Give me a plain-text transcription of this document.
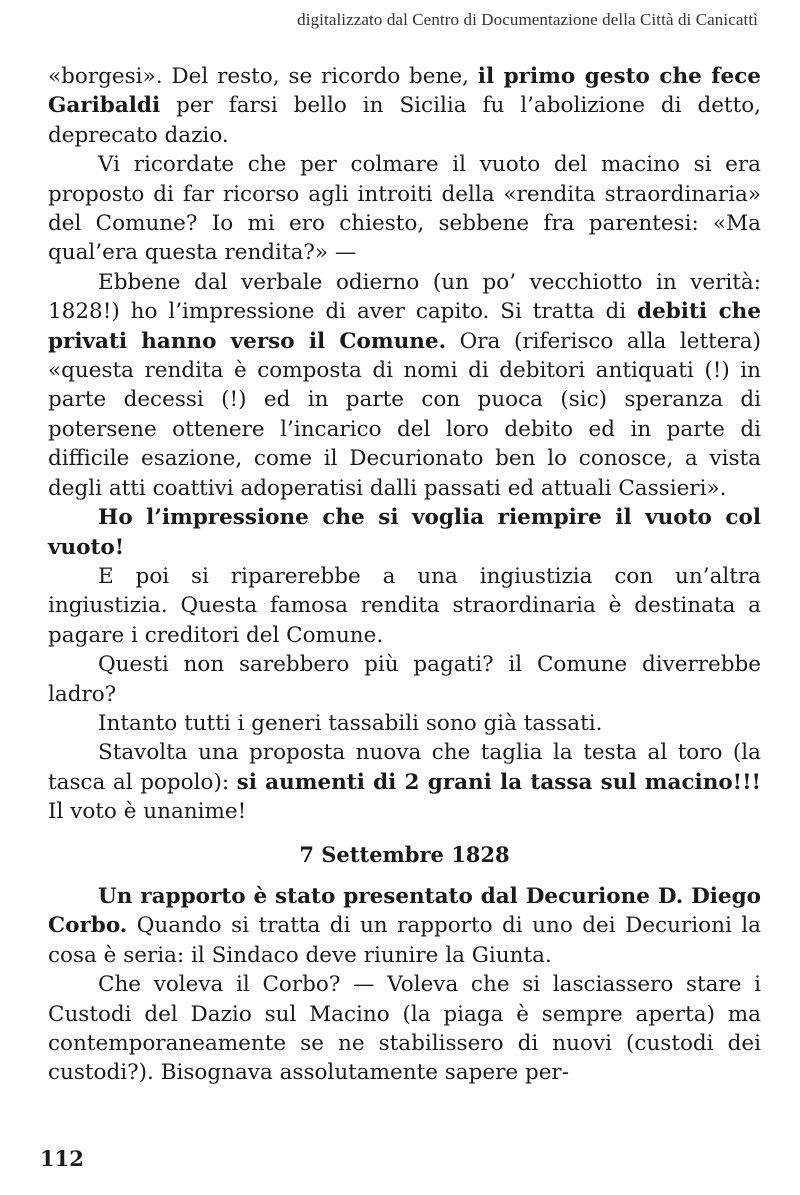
digitalizzato dal Centro di Documentazione della Città di Canicattì

«borgesi». Del resto, se ricordo bene, il primo gesto che fece Garibaldi per farsi bello in Sicilia fu l’abolizione di detto, deprecato dazio.

Vi ricordate che per colmare il vuoto del macino si era proposto di far ricorso agli introiti della «rendita straordinaria» del Comune? Io mi ero chiesto, sebbene fra parentesi: «Ma qual’era questa rendita?» —

Ebbene dal verbale odierno (un po’ vecchiotto in verità: 1828!) ho l’impressione di aver capito. Si tratta di debiti che privati hanno verso il Comune. Ora (riferisco alla lettera) «questa rendita è composta di nomi di debitori antiquati (!) in parte decessi (!) ed in parte con puoca (sic) speranza di potersene ottenere l’incarico del loro debito ed in parte di difficile esazione, come il Decurionato ben lo conosce, a vista degli atti coattivi adoperatisi dalli passati ed attuali Cassieri».

Ho l’impressione che si voglia riempire il vuoto col vuoto!

E poi si riparerebbe a una ingiustizia con un’altra ingiustizia. Questa famosa rendita straordinaria è destinata a pagare i creditori del Comune.

Questi non sarebbero più pagati? il Comune diverrebbe ladro?

Intanto tutti i generi tassabili sono già tassati.

Stavolta una proposta nuova che taglia la testa al toro (la tasca al popolo): si aumenti di 2 grani la tassa sul macino!!! Il voto è unanime!

7 Settembre 1828

Un rapporto è stato presentato dal Decurione D. Diego Corbo. Quando si tratta di un rapporto di uno dei Decurioni la cosa è seria: il Sindaco deve riunire la Giunta.

Che voleva il Corbo? — Voleva che si lasciassero stare i Custodi del Dazio sul Macino (la piaga è sempre aperta) ma contemporaneamente se ne stabilissero di nuovi (custodi dei custodi?). Bisognava assolutamente sapere per-

112
